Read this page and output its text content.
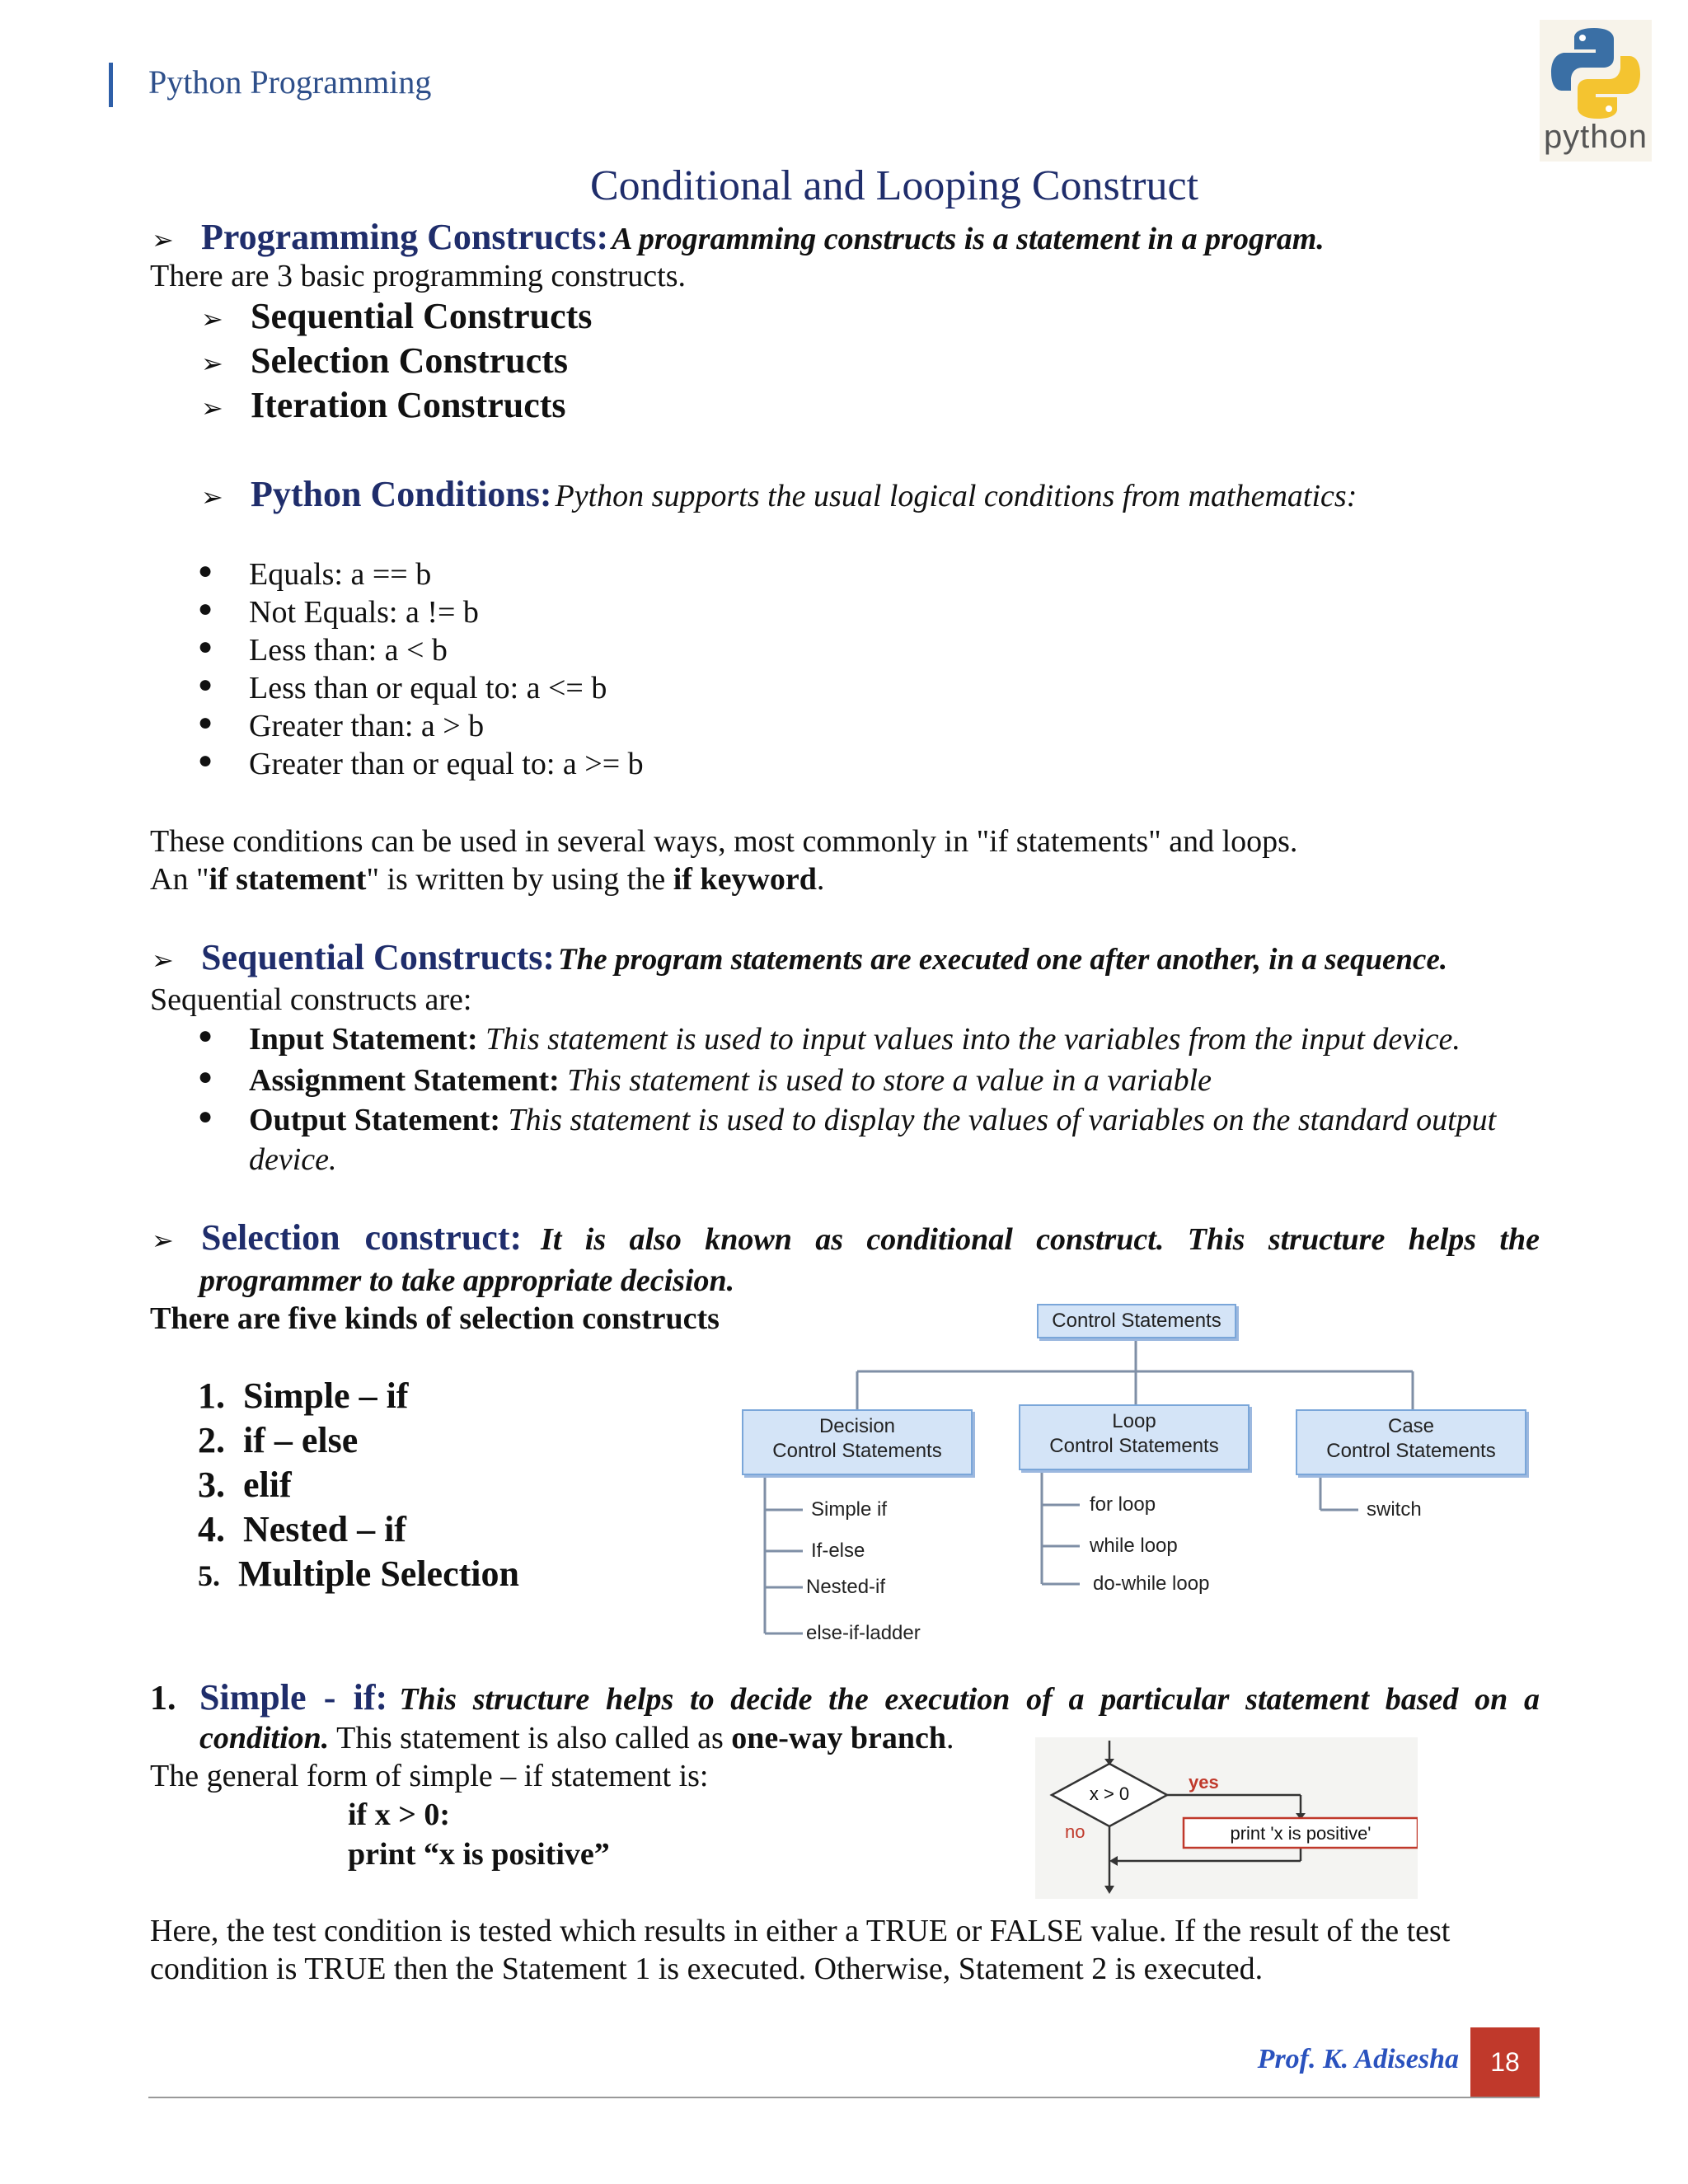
Python Programming
python
Conditional and Looping Construct
➢ Programming Constructs: A programming constructs is a statement in a program.
There are 3 basic programming constructs.
➢ Sequential Constructs
➢ Selection Constructs
➢ Iteration Constructs
➢ Python Conditions: Python supports the usual logical conditions from mathematics:
● Equals: a == b
● Not Equals: a != b
● Less than: a < b
● Less than or equal to: a <= b
● Greater than: a > b
● Greater than or equal to: a >= b
These conditions can be used in several ways, most commonly in "if statements" and loops.
An "if statement" is written by using the if keyword.
➢ Sequential Constructs: The program statements are executed one after another, in a sequence.
Sequential constructs are:
● Input Statement: This statement is used to input values into the variables from the input device.
● Assignment Statement: This statement is used to store a value in a variable
● Output Statement: This statement is used to display the values of variables on the standard output
device.
➢ Selection construct: It is also known as conditional construct. This structure helps the
programmer to take appropriate decision.
There are five kinds of selection constructs
1. Simple – if
2. if – else
3. elif
4. Nested – if
5. Multiple Selection
Control Statements
Decision
Control Statements
Loop
Control Statements
Case
Control Statements
Simple if
If-else
Nested-if
else-if-ladder
for loop
while loop
do-while loop
switch
1. Simple - if: This structure helps to decide the execution of a particular statement based on a
condition. This statement is also called as one-way branch.
The general form of simple – if statement is:
if x > 0:
print “x is positive”
x > 0
yes
no	print 'x is positive'
Here, the test condition is tested which results in either a TRUE or FALSE value. If the result of the test
condition is TRUE then the Statement 1 is executed. Otherwise, Statement 2 is executed.
Prof. K. Adisesha	18
